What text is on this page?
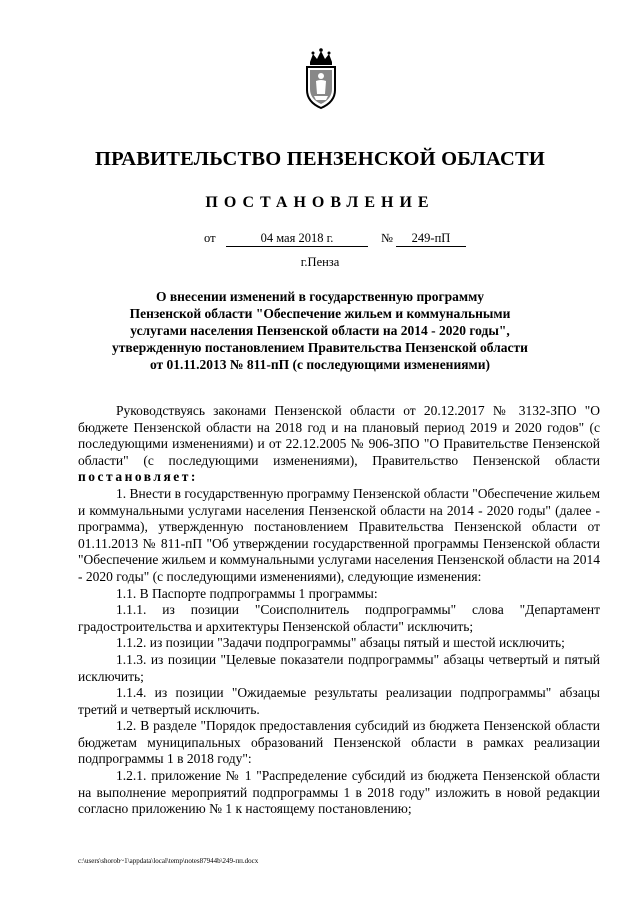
ПРАВИТЕЛЬСТВО ПЕНЗЕНСКОЙ ОБЛАСТИ
ПОСТАНОВЛЕНИЕ
от	04 мая 2018 г.	№	249-пП
г.Пенза
О внесении изменений в государственную программу
Пензенской области "Обеспечение жильем и коммунальными
услугами населения Пензенской области на 2014 - 2020 годы",
утвержденную постановлением Правительства Пензенской области
от 01.11.2013 № 811-пП (с последующими изменениями)

Руководствуясь законами Пензенской области от 20.12.2017 № 3132-ЗПО "О бюджете Пензенской области на 2018 год и на плановый период 2019 и 2020 годов" (с последующими изменениями) и от 22.12.2005 № 906-ЗПО "О Правительстве Пензенской области" (с последующими изменениями), Правительство Пензенской области постановляет:

1. Внести в государственную программу Пензенской области "Обеспечение жильем и коммунальными услугами населения Пензенской области на 2014 - 2020 годы" (далее - программа), утвержденную постановлением Правительства Пензенской области от 01.11.2013 № 811-пП "Об утверждении государственной программы Пензенской области "Обеспечение жильем и коммунальными услугами населения Пензенской области на 2014 - 2020 годы" (с последующими изменениями), следующие изменения:

1.1. В Паспорте подпрограммы 1 программы:

1.1.1. из позиции "Соисполнитель подпрограммы" слова "Департамент градостроительства и архитектуры Пензенской области" исключить;

1.1.2. из позиции "Задачи подпрограммы" абзацы пятый и шестой исключить;

1.1.3. из позиции "Целевые показатели подпрограммы" абзацы четвертый и пятый исключить;

1.1.4. из позиции "Ожидаемые результаты реализации подпрограммы" абзацы третий и четвертый исключить.

1.2. В разделе "Порядок предоставления субсидий из бюджета Пензенской области бюджетам муниципальных образований Пензенской области в рамках реализации подпрограммы 1 в 2018 году":

1.2.1. приложение № 1 "Распределение субсидий из бюджета Пензенской области на выполнение мероприятий подпрограммы 1 в 2018 году" изложить в новой редакции согласно приложению № 1 к настоящему постановлению;

c:\users\shorob~1\appdata\local\temp\notes87944b\249-пп.docx
